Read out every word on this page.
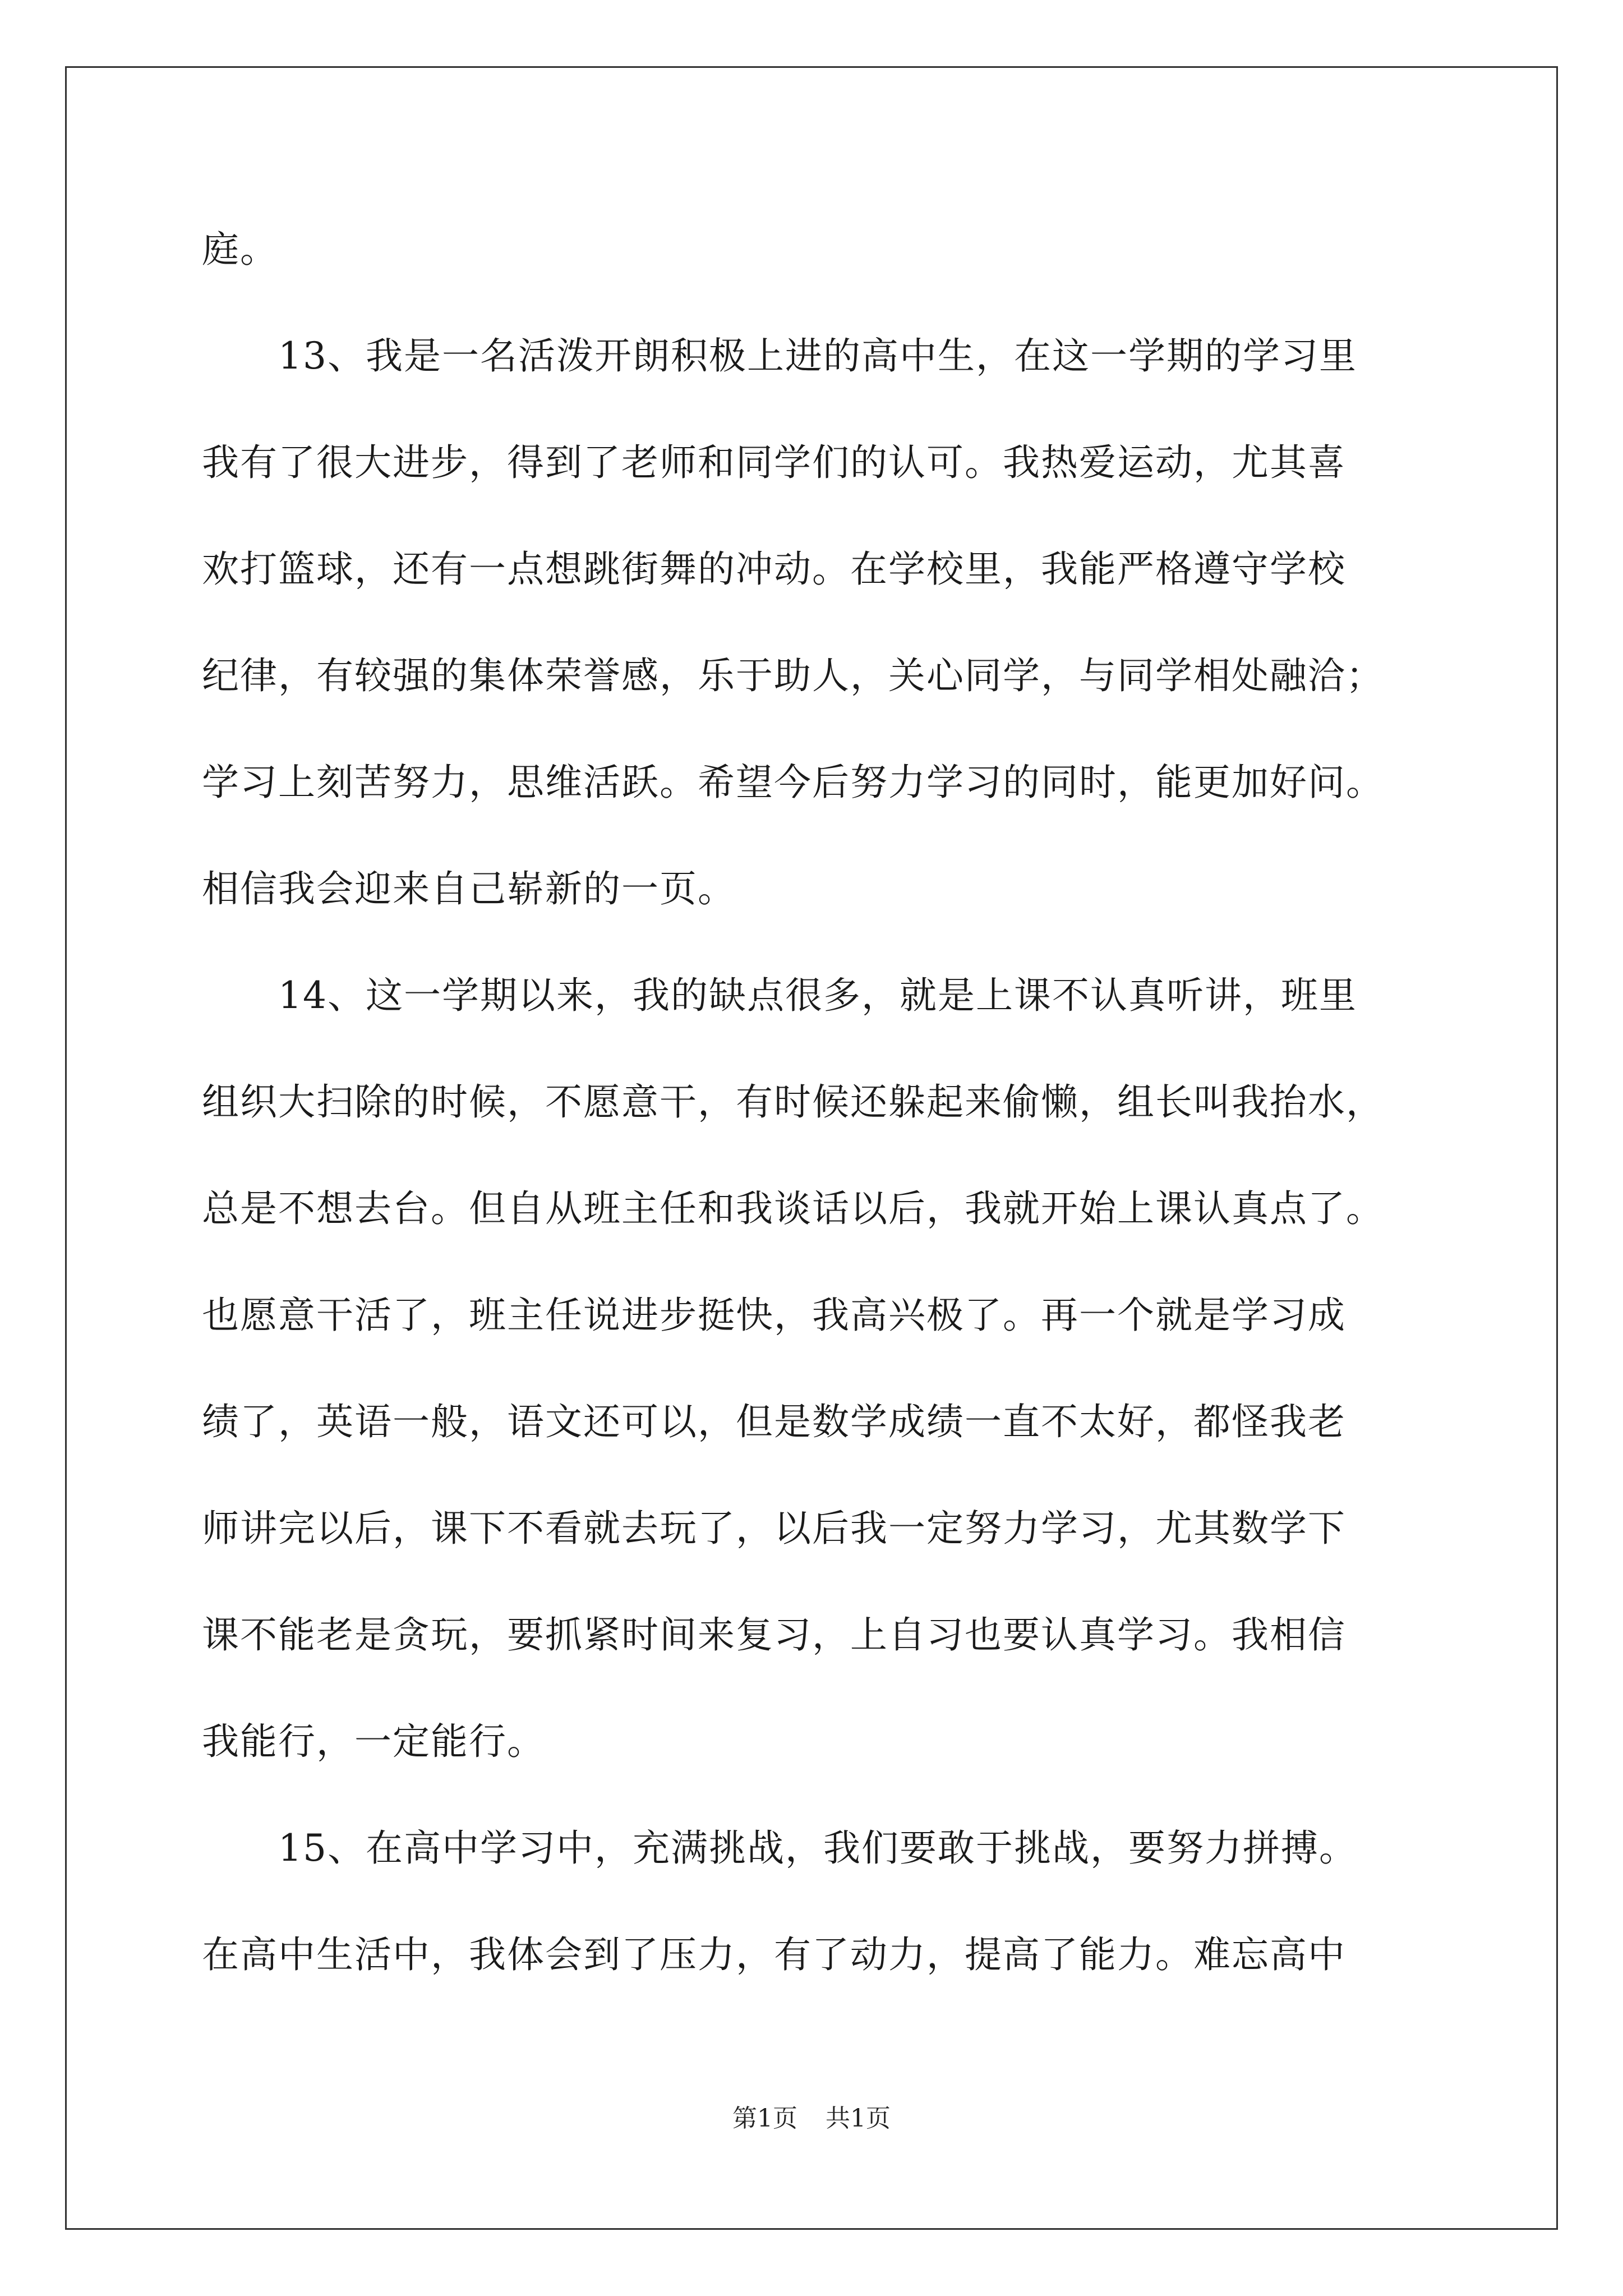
庭。
　　13、我是一名活泼开朗积极上进的高中生，在这一学期的学习里
我有了很大进步，得到了老师和同学们的认可。我热爱运动，尤其喜
欢打篮球，还有一点想跳街舞的冲动。在学校里，我能严格遵守学校
纪律，有较强的集体荣誉感，乐于助人，关心同学，与同学相处融洽；
学习上刻苦努力，思维活跃。希望今后努力学习的同时，能更加好问。
相信我会迎来自己崭新的一页。
　　14、这一学期以来，我的缺点很多，就是上课不认真听讲，班里
组织大扫除的时候，不愿意干，有时候还躲起来偷懒，组长叫我抬水，
总是不想去台。但自从班主任和我谈话以后，我就开始上课认真点了。
也愿意干活了，班主任说进步挺快，我高兴极了。再一个就是学习成
绩了，英语一般，语文还可以，但是数学成绩一直不太好，都怪我老
师讲完以后，课下不看就去玩了，以后我一定努力学习，尤其数学下
课不能老是贪玩，要抓紧时间来复习，上自习也要认真学习。我相信
我能行，一定能行。
　　15、在高中学习中，充满挑战，我们要敢于挑战，要努力拼搏。
在高中生活中，我体会到了压力，有了动力，提高了能力。难忘高中
第1页 共1页
